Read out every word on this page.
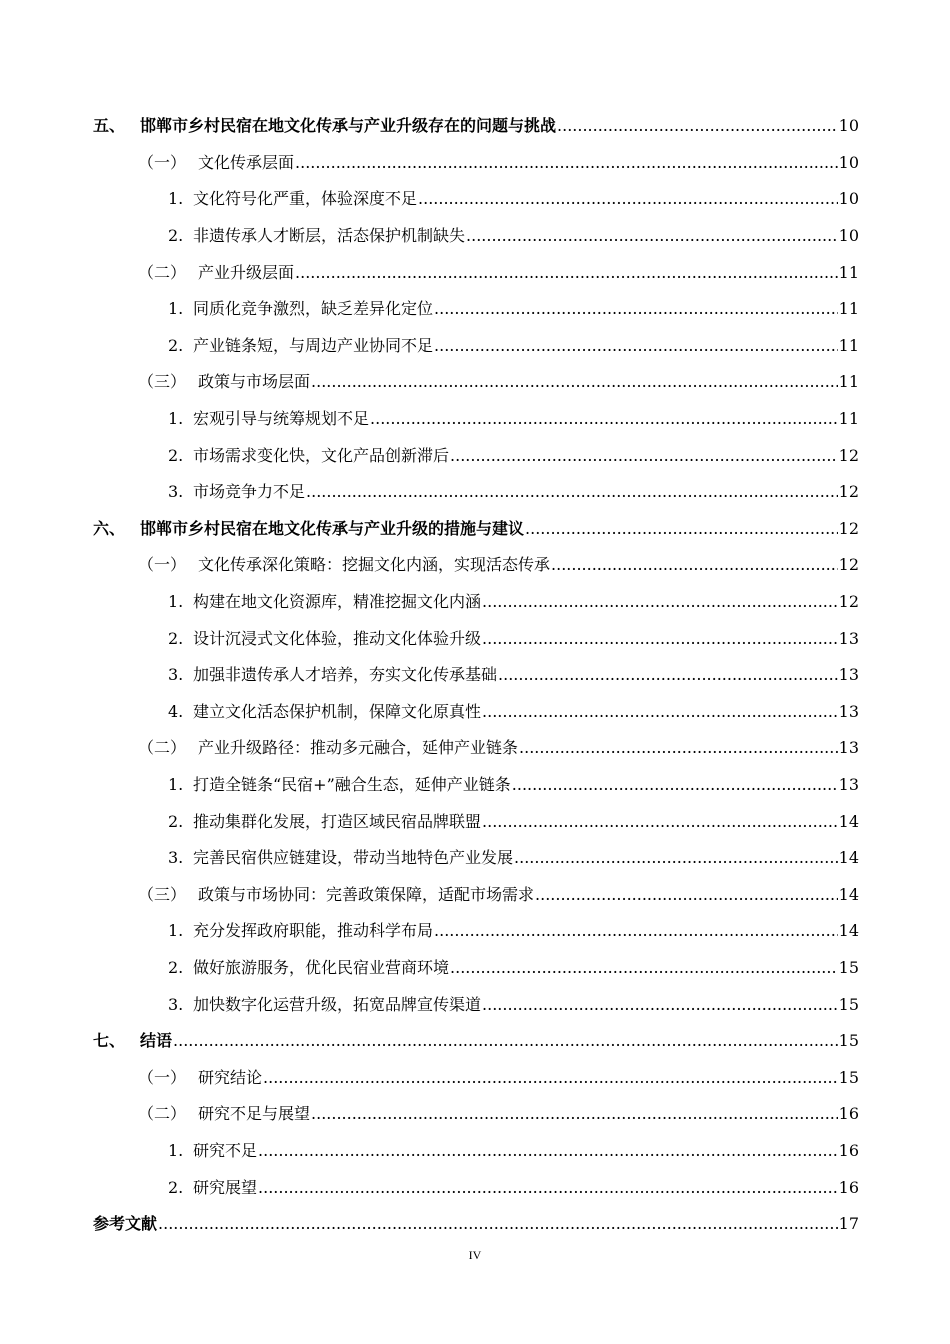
五、 邯郸市乡村民宿在地文化传承与产业升级存在的问题与挑战 .....	10
（一） 文化传承层面 .....	10
1. 文化符号化严重，体验深度不足 .....	10
2. 非遗传承人才断层，活态保护机制缺失 .....	10
（二） 产业升级层面 .....	11
1. 同质化竞争激烈，缺乏差异化定位 .....	11
2. 产业链条短，与周边产业协同不足 .....	11
（三） 政策与市场层面 .....	11
1. 宏观引导与统筹规划不足 .....	11
2. 市场需求变化快，文化产品创新滞后 .....	12
3. 市场竞争力不足 .....	12
六、 邯郸市乡村民宿在地文化传承与产业升级的措施与建议 .....	12
（一） 文化传承深化策略：挖掘文化内涵，实现活态传承 .....	12
1. 构建在地文化资源库，精准挖掘文化内涵 .....	12
2. 设计沉浸式文化体验，推动文化体验升级 .....	13
3. 加强非遗传承人才培养，夯实文化传承基础 .....	13
4. 建立文化活态保护机制，保障文化原真性 .....	13
（二） 产业升级路径：推动多元融合，延伸产业链条 .....	13
1. 打造全链条“民宿+”融合生态，延伸产业链条 .....	13
2. 推动集群化发展，打造区域民宿品牌联盟 .....	14
3. 完善民宿供应链建设，带动当地特色产业发展 .....	14
（三） 政策与市场协同：完善政策保障，适配市场需求 .....	14
1. 充分发挥政府职能，推动科学布局 .....	14
2. 做好旅游服务，优化民宿业营商环境 .....	15
3. 加快数字化运营升级，拓宽品牌宣传渠道 .....	15
七、 结语 .....	15
（一） 研究结论 .....	15
（二） 研究不足与展望 .....	16
1. 研究不足 .....	16
2. 研究展望 .....	16
参考文献 .....	17
IV
